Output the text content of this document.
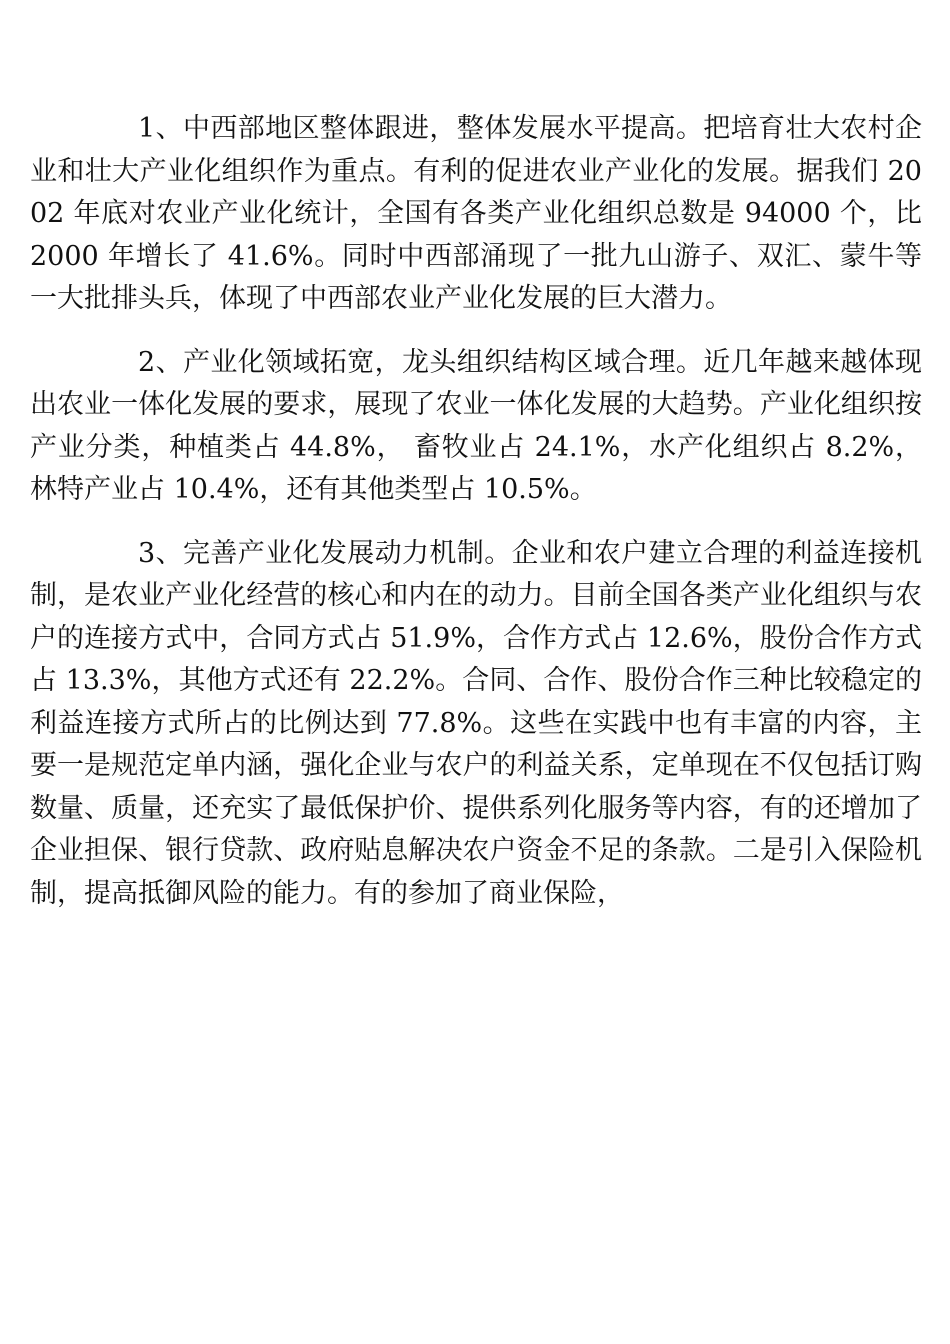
1、中西部地区整体跟进，整体发展水平提高。把培育壮大农村企业和壮大产业化组织作为重点。有利的促进农业产业化的发展。据我们 2002 年底对农业产业化统计，全国有各类产业化组织总数是 94000 个，比 2000 年增长了 41.6%。同时中西部涌现了一批九山游子、双汇、蒙牛等一大批排头兵，体现了中西部农业产业化发展的巨大潜力。

2、产业化领域拓宽，龙头组织结构区域合理。近几年越来越体现出农业一体化发展的要求，展现了农业一体化发展的大趋势。产业化组织按产业分类，种植类占 44.8%， 畜牧业占 24.1%，水产化组织占 8.2%，林特产业占 10.4%，还有其他类型占 10.5%。

3、完善产业化发展动力机制。企业和农户建立合理的利益连接机制，是农业产业化经营的核心和内在的动力。目前全国各类产业化组织与农户的连接方式中，合同方式占 51.9%，合作方式占 12.6%，股份合作方式占 13.3%，其他方式还有 22.2%。合同、合作、股份合作三种比较稳定的利益连接方式所占的比例达到 77.8%。这些在实践中也有丰富的内容，主要一是规范定单内涵，强化企业与农户的利益关系，定单现在不仅包括订购数量、质量，还充实了最低保护价、提供系列化服务等内容，有的还增加了企业担保、银行贷款、政府贴息解决农户资金不足的条款。二是引入保险机制，提高抵御风险的能力。有的参加了商业保险，
